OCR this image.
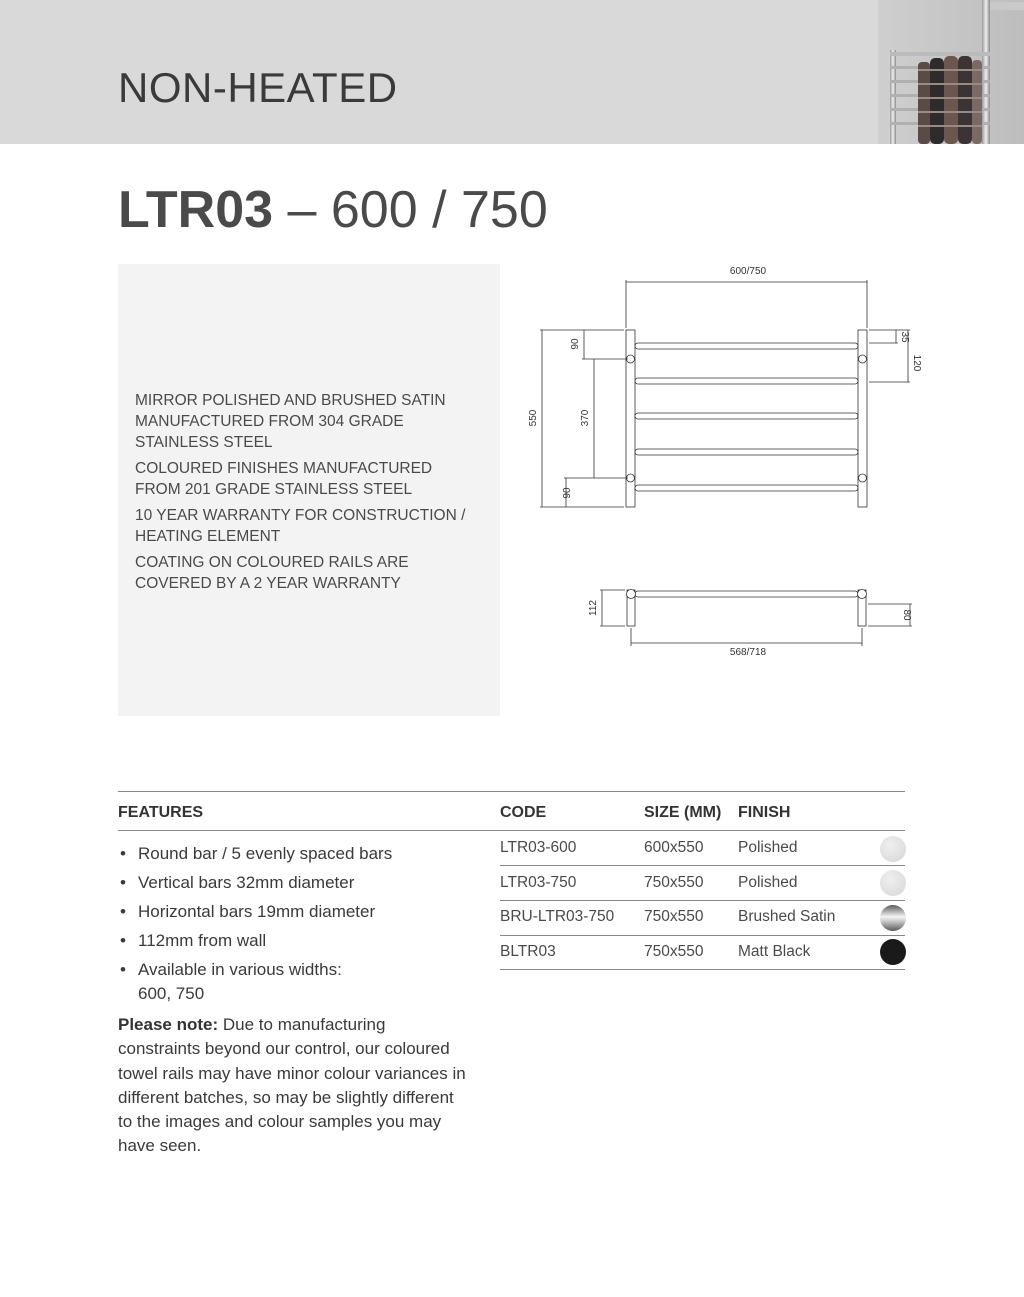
NON-HEATED
LTR03 – 600 / 750
MIRROR POLISHED AND BRUSHED SATIN MANUFACTURED FROM 304 GRADE STAINLESS STEEL
COLOURED FINISHES MANUFACTURED FROM 201 GRADE STAINLESS STEEL
10 YEAR WARRANTY FOR CONSTRUCTION / HEATING ELEMENT
COATING ON COLOURED RAILS ARE COVERED BY A 2 YEAR WARRANTY
600/750
550
90
370
90
35
120
112	80
568/718
FEATURES
• Round bar / 5 evenly spaced bars
• Vertical bars 32mm diameter
• Horizontal bars 19mm diameter
• 112mm from wall
• Available in various widths:
600, 750
Please note: Due to manufacturing constraints beyond our control, our coloured towel rails may have minor colour variances in different batches, so may be slightly different to the images and colour samples you may have seen.
CODE	SIZE (MM) FINISH
LTR03-600	600x550 Polished
LTR03-750	750x550 Polished
BRU-LTR03-750 750x550 Brushed Satin
BLTR03	750x550 Matt Black
